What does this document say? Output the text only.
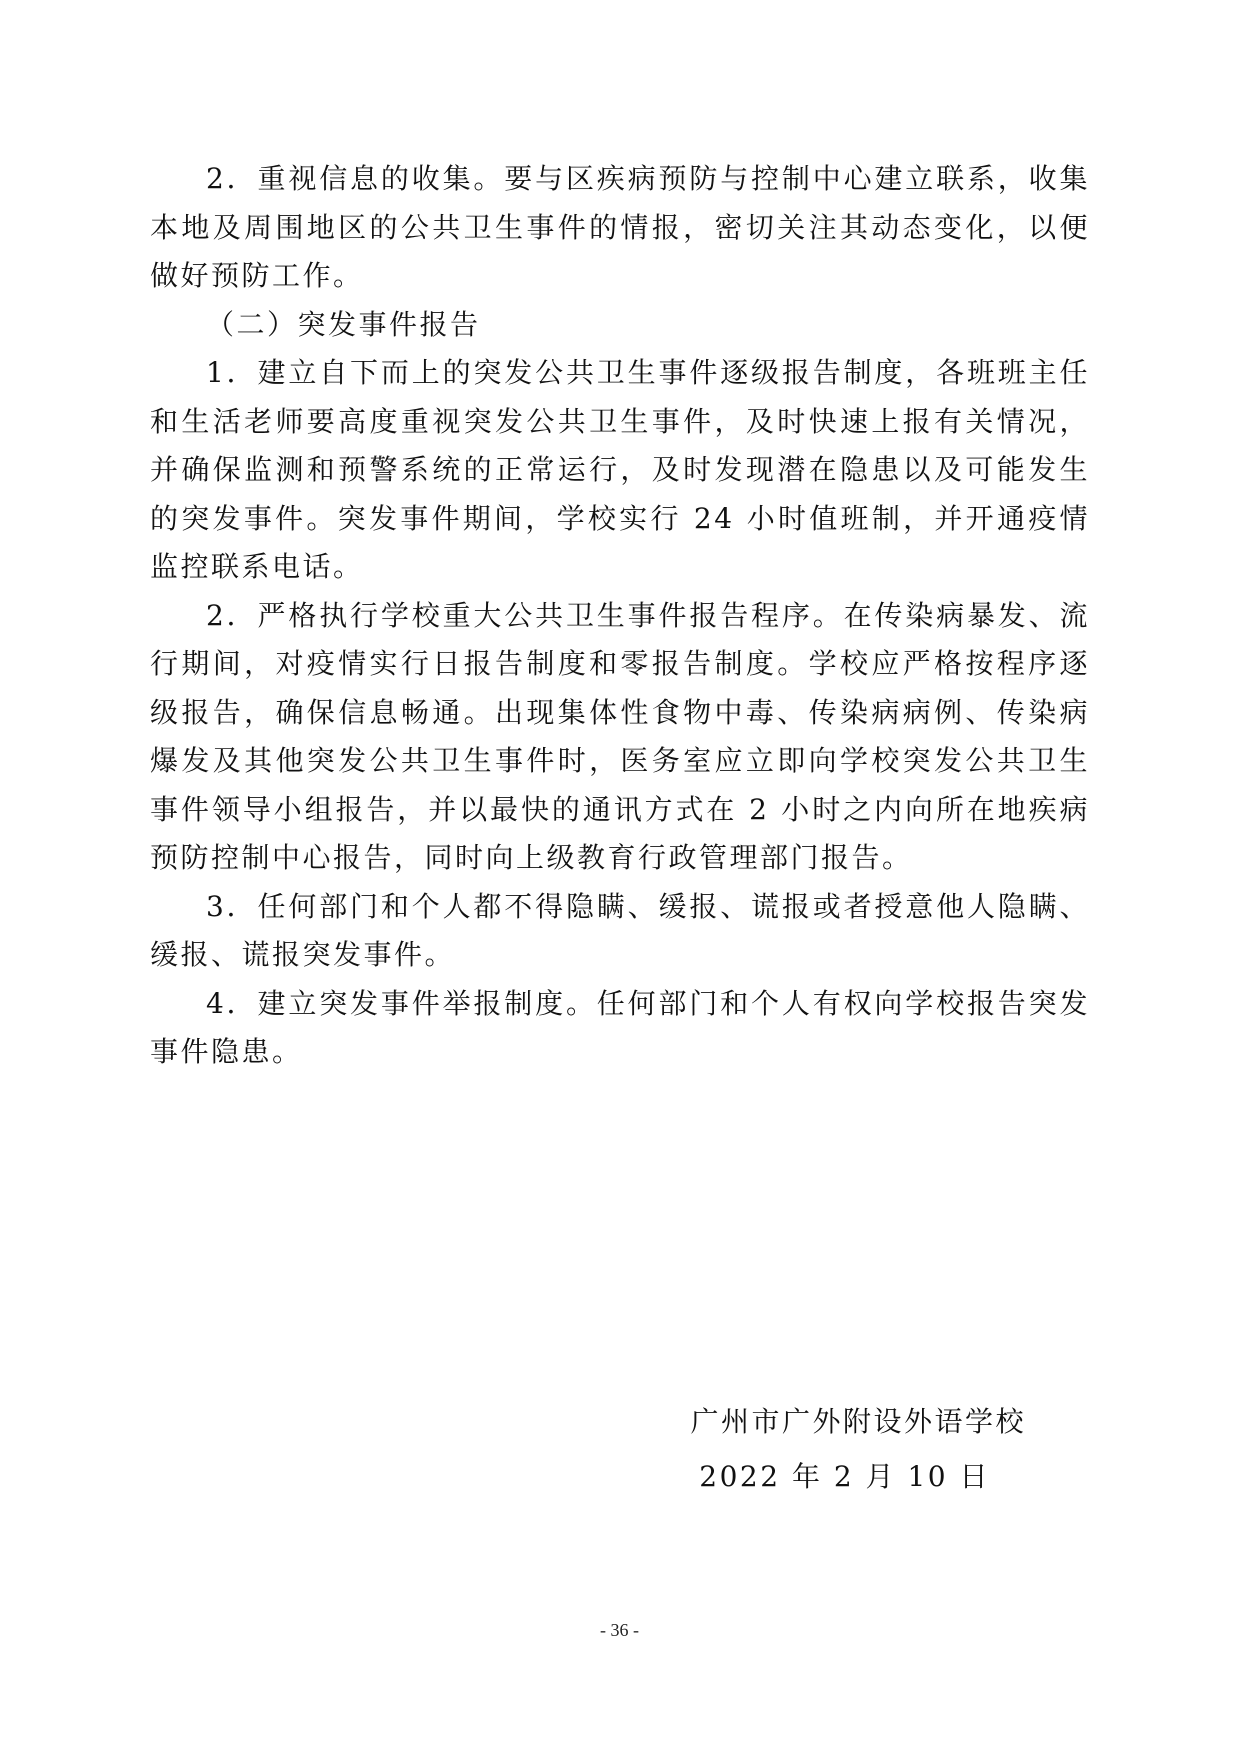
2．重视信息的收集。要与区疾病预防与控制中心建立联系，收集本地及周围地区的公共卫生事件的情报，密切关注其动态变化，以便做好预防工作。

（二）突发事件报告

1．建立自下而上的突发公共卫生事件逐级报告制度，各班班主任和生活老师要高度重视突发公共卫生事件，及时快速上报有关情况，并确保监测和预警系统的正常运行，及时发现潜在隐患以及可能发生的突发事件。突发事件期间，学校实行 24 小时值班制，并开通疫情监控联系电话。

2．严格执行学校重大公共卫生事件报告程序。在传染病暴发、流行期间，对疫情实行日报告制度和零报告制度。学校应严格按程序逐级报告，确保信息畅通。出现集体性食物中毒、传染病病例、传染病爆发及其他突发公共卫生事件时，医务室应立即向学校突发公共卫生事件领导小组报告，并以最快的通讯方式在 2 小时之内向所在地疾病预防控制中心报告，同时向上级教育行政管理部门报告。

3．任何部门和个人都不得隐瞒、缓报、谎报或者授意他人隐瞒、缓报、谎报突发事件。

4．建立突发事件举报制度。任何部门和个人有权向学校报告突发事件隐患。

广州市广外附设外语学校
2022 年 2 月 10 日
- 36 -
